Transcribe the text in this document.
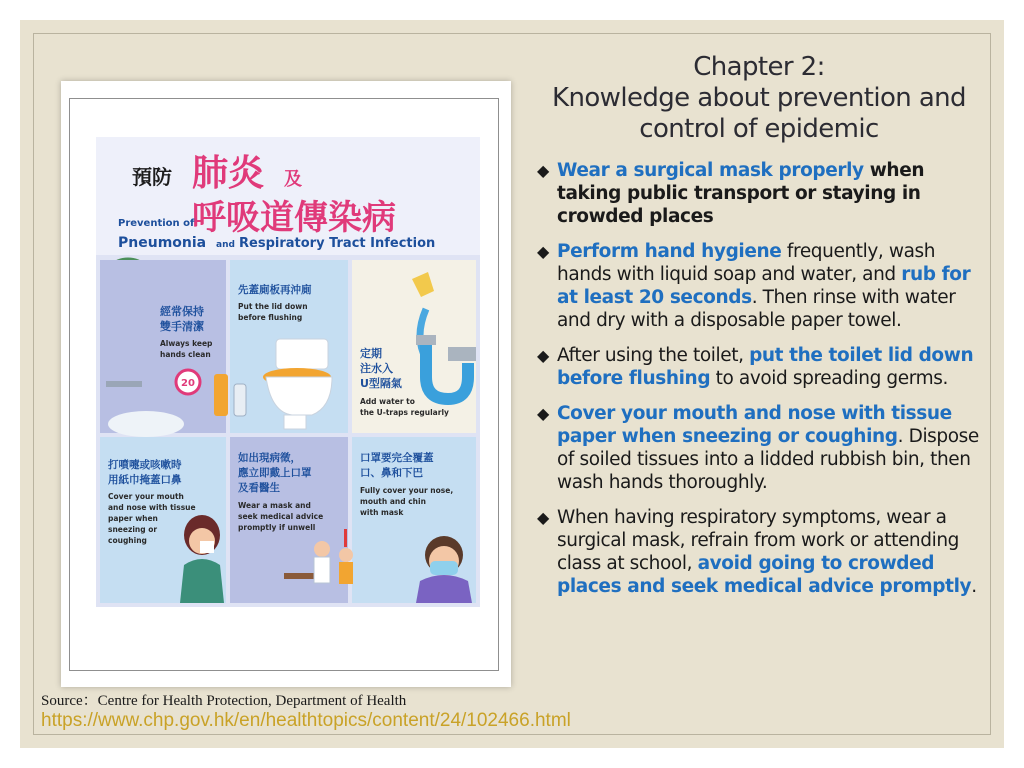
預防 肺炎 及
呼吸道傳染病
Prevention of
Pneumonia and Respiratory Tract Infection
經常保持
雙手清潔
Always keep
hands clean
20
先蓋廁板再沖廁
Put the lid down
before flushing
定期
注水入
U型隔氣
Add water to
the U-traps regularly
打噴嚏或咳嗽時
用紙巾掩蓋口鼻
Cover your mouth
and nose with tissue
paper when
sneezing or
coughing
如出現病徵，
應立即戴上口罩
及看醫生
Wear a mask and
seek medical advice
promptly if unwell
口罩要完全覆蓋
口、鼻和下巴
Fully cover your nose,
mouth and chin
with mask
Chapter 2:
Knowledge about prevention and
control of epidemic
◆ Wear a surgical mask properly when taking public transport or staying in crowded places
◆ Perform hand hygiene frequently, wash hands with liquid soap and water, and rub for at least 20 seconds. Then rinse with water and dry with a disposable paper towel.
◆ After using the toilet, put the toilet lid down before flushing to avoid spreading germs.
◆ Cover your mouth and nose with tissue paper when sneezing or coughing. Dispose of soiled tissues into a lidded rubbish bin, then wash hands thoroughly.
◆ When having respiratory symptoms, wear a surgical mask, refrain from work or attending class at school, avoid going to crowded places and seek medical advice promptly.
Source：Centre for Health Protection, Department of Health
https://www.chp.gov.hk/en/healthtopics/content/24/102466.html
